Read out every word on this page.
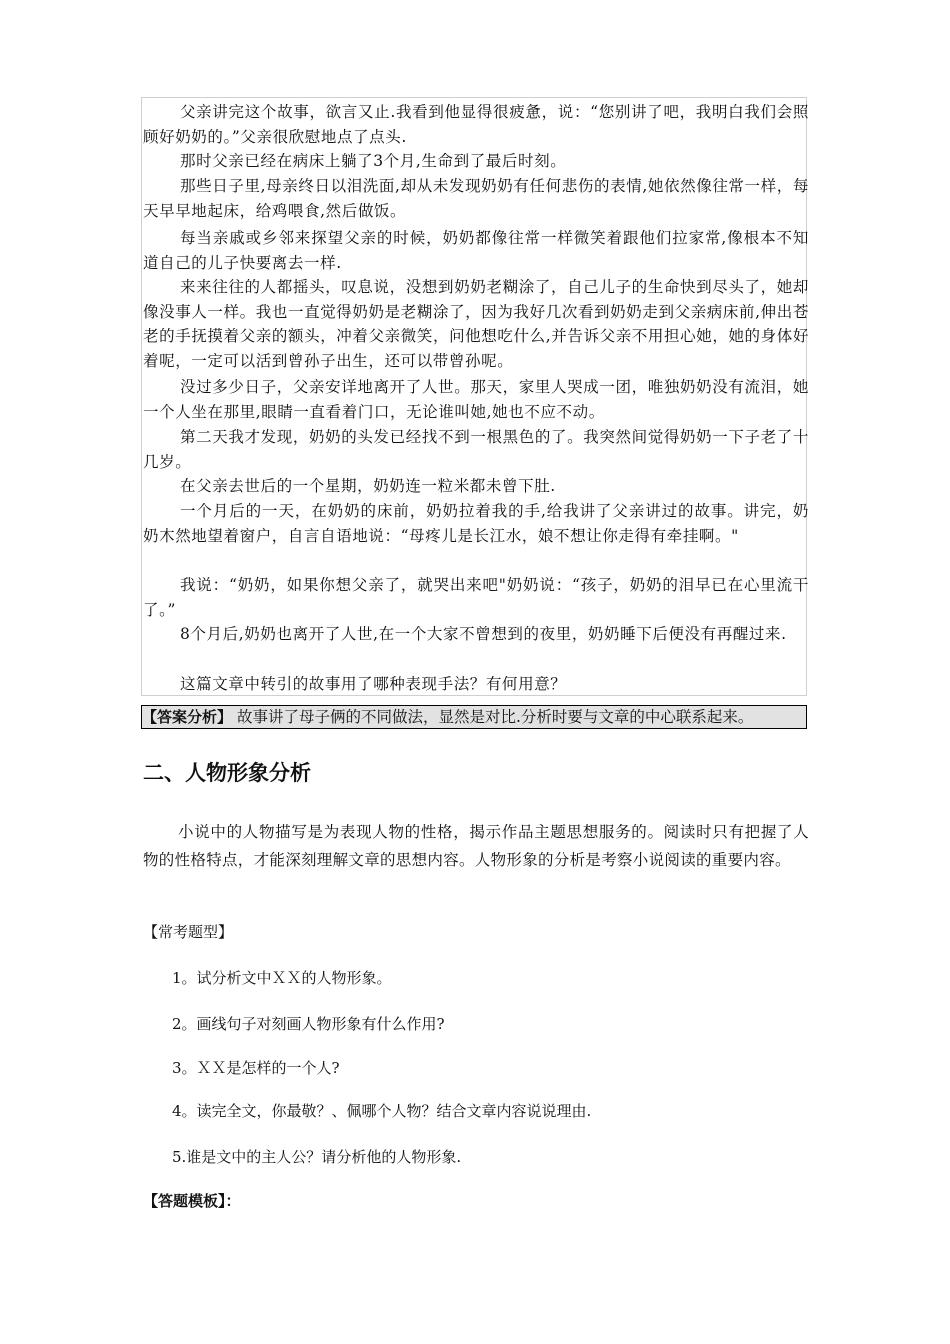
父亲讲完这个故事，欲言又止.我看到他显得很疲惫，说：“您别讲了吧，我明白我们会照顾好奶奶的。”父亲很欣慰地点了点头.

那时父亲已经在病床上躺了3个月,生命到了最后时刻。

那些日子里,母亲终日以泪洗面,却从未发现奶奶有任何悲伤的表情,她依然像往常一样，每天早早地起床，给鸡喂食,然后做饭。

每当亲戚或乡邻来探望父亲的时候，奶奶都像往常一样微笑着跟他们拉家常,像根本不知道自己的儿子快要离去一样.

来来往往的人都摇头，叹息说，没想到奶奶老糊涂了，自己儿子的生命快到尽头了，她却像没事人一样。我也一直觉得奶奶是老糊涂了，因为我好几次看到奶奶走到父亲病床前,伸出苍老的手抚摸着父亲的额头，冲着父亲微笑，问他想吃什么,并告诉父亲不用担心她，她的身体好着呢，一定可以活到曾孙子出生，还可以带曾孙呢。

没过多少日子，父亲安详地离开了人世。那天，家里人哭成一团，唯独奶奶没有流泪，她一个人坐在那里,眼睛一直看着门口，无论谁叫她,她也不应不动。

第二天我才发现，奶奶的头发已经找不到一根黑色的了。我突然间觉得奶奶一下子老了十几岁。

在父亲去世后的一个星期，奶奶连一粒米都未曾下肚.

一个月后的一天，在奶奶的床前，奶奶拉着我的手,给我讲了父亲讲过的故事。讲完，奶奶木然地望着窗户，自言自语地说：“母疼儿是长江水，娘不想让你走得有牵挂啊。"

我说：“奶奶，如果你想父亲了，就哭出来吧"奶奶说：“孩子，奶奶的泪早已在心里流干了。”

8个月后,奶奶也离开了人世,在一个大家不曾想到的夜里，奶奶睡下后便没有再醒过来.

这篇文章中转引的故事用了哪种表现手法？有何用意？

【答案分析】 故事讲了母子俩的不同做法，显然是对比.分析时要与文章的中心联系起来。
二、人物形象分析

小说中的人物描写是为表现人物的性格，揭示作品主题思想服务的。阅读时只有把握了人物的性格特点，才能深刻理解文章的思想内容。人物形象的分析是考察小说阅读的重要内容。

【常考题型】

1。试分析文中ＸＸ的人物形象。

2。画线句子对刻画人物形象有什么作用?

3。ＸＸ是怎样的一个人?

4。读完全文，你最敬？、佩哪个人物？结合文章内容说说理由.

5.谁是文中的主人公？请分析他的人物形象.

【答题模板】：
